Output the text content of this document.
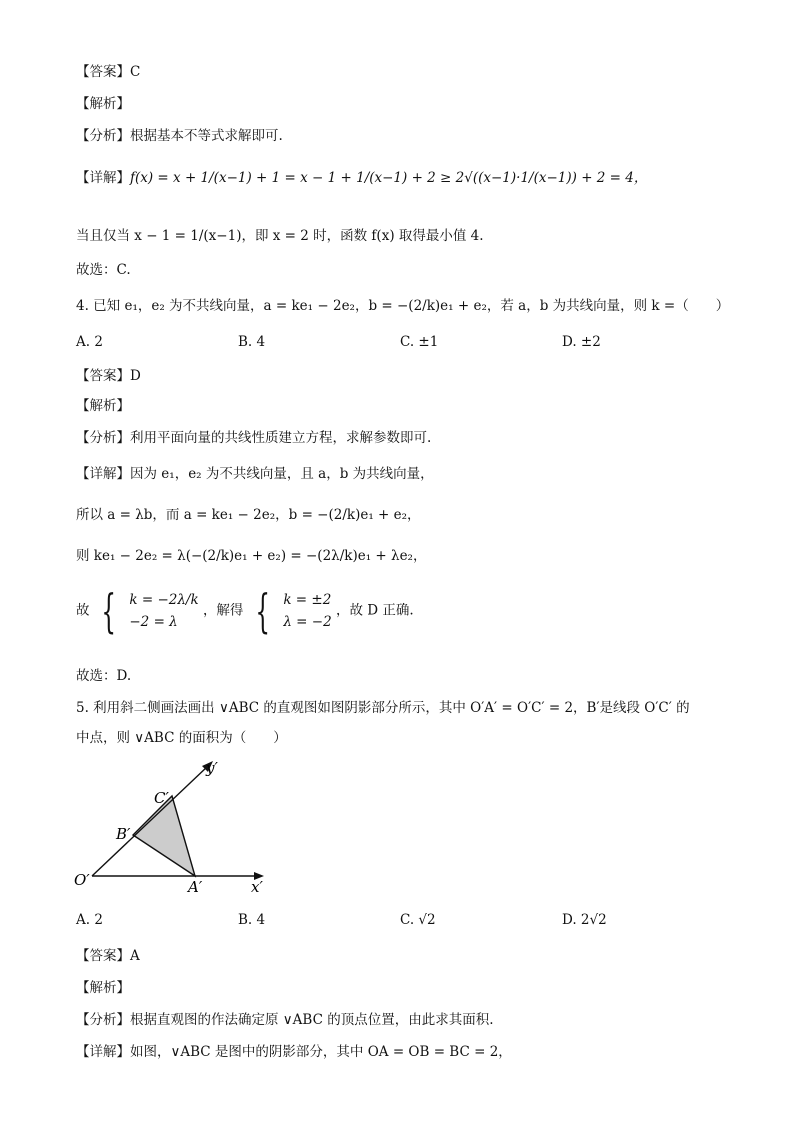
【答案】C
【解析】
【分析】根据基本不等式求解即可.
【详解】f(x) = x + 1/(x−1) + 1 = x − 1 + 1/(x−1) + 2 ≥ 2√((x−1)·1/(x−1)) + 2 = 4，
当且仅当 x − 1 = 1/(x−1)，即 x = 2 时，函数 f(x) 取得最小值 4.
故选：C.
4. 已知 e₁，e₂ 为不共线向量，a = ke₁ − 2e₂，b = −(2/k)e₁ + e₂，若 a，b 为共线向量，则 k =（　　）
A. 2	B. 4	C. ±1	D. ±2
【答案】D
【解析】
【分析】利用平面向量的共线性质建立方程，求解参数即可.
【详解】因为 e₁，e₂ 为不共线向量，且 a，b 为共线向量，
所以 a = λb，而 a = ke₁ − 2e₂，b = −(2/k)e₁ + e₂，
则 ke₁ − 2e₂ = λ(−(2/k)e₁ + e₂) = −(2λ/k)e₁ + λe₂，
故 { k = −2λ/k
−2 = λ
，解得 { k = ±2
λ = −2
，故 D 正确.
故选：D.
5. 利用斜二侧画法画出 ∨ABC 的直观图如图阴影部分所示，其中 O′A′ = O′C′ = 2，B′是线段 O′C′ 的
中点，则 ∨ABC 的面积为（　　）
O′	x′
y′
A′
B′
C′
A. 2	B. 4	C. √2	D. 2√2
【答案】A
【解析】
【分析】根据直观图的作法确定原 ∨ABC 的顶点位置，由此求其面积.
【详解】如图，∨ABC 是图中的阴影部分，其中 OA = OB = BC = 2，
